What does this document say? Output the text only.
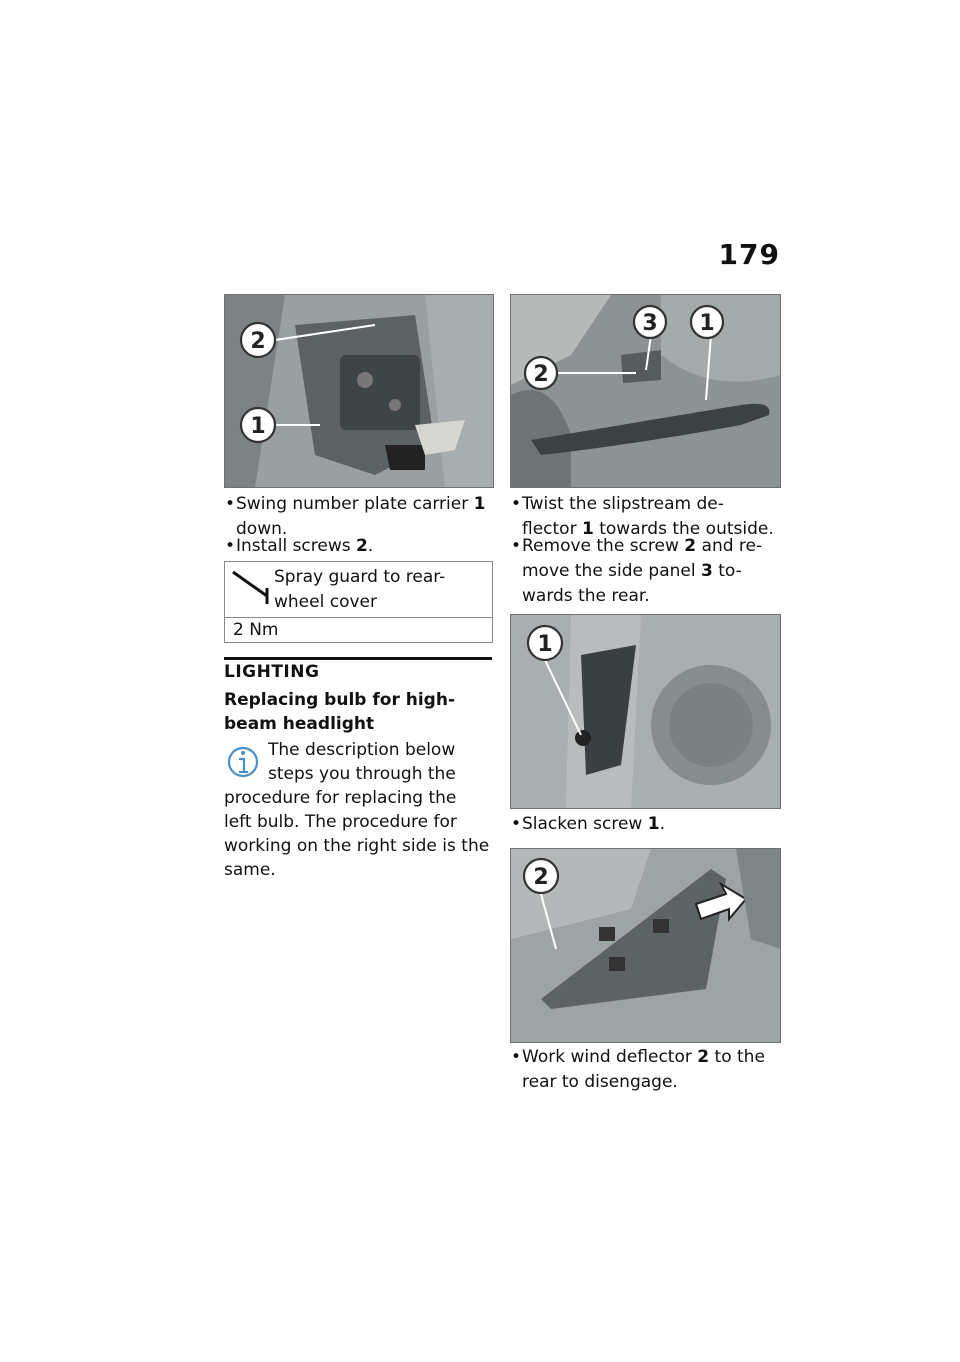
179
2
1
• Swing number plate carrier 1
down.
• Install screws 2.
Spray guard to rear-
wheel cover
2 Nm
LIGHTING
Replacing bulb for high-beam headlight
The description below
steps you through the
procedure for replacing the
left bulb. The procedure for
working on the right side is the
same.
3 1
2
• Twist the slipstream de-
flector 1 towards the outside.
• Remove the screw 2 and re-
move the side panel 3 to-
wards the rear.
1
• Slacken screw 1.
2
• Work wind deflector 2 to the
rear to disengage.
